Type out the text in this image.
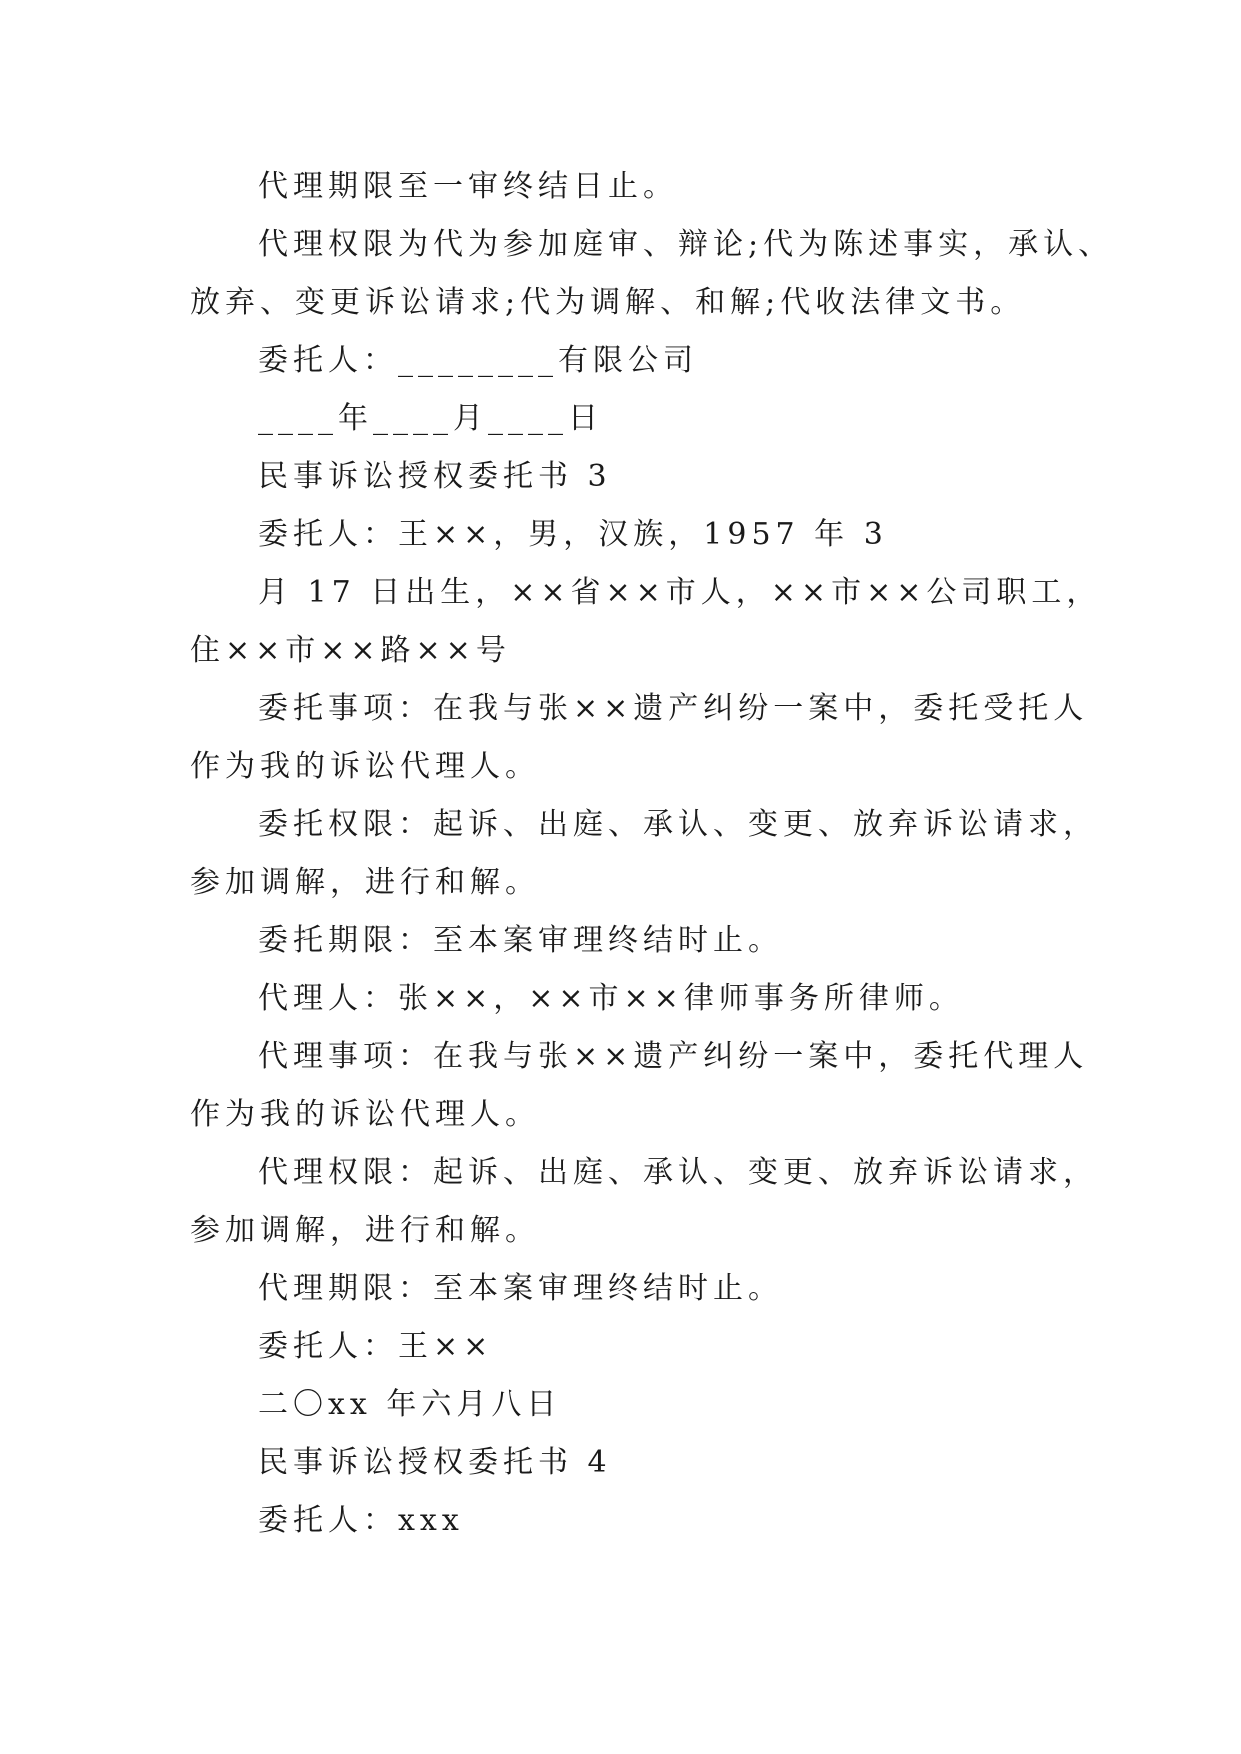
代理期限至一审终结日止。
代理权限为代为参加庭审、辩论;代为陈述事实，承认、
放弃、变更诉讼请求;代为调解、和解;代收法律文书。
委托人：________有限公司
____年____月____日
民事诉讼授权委托书 3
委托人：王××，男，汉族，1957 年 3
月 17 日出生，××省××市人，××市××公司职工，
住××市××路××号
委托事项：在我与张××遗产纠纷一案中，委托受托人
作为我的诉讼代理人。
委托权限：起诉、出庭、承认、变更、放弃诉讼请求，
参加调解，进行和解。
委托期限：至本案审理终结时止。
代理人：张××，××市××律师事务所律师。
代理事项：在我与张××遗产纠纷一案中，委托代理人
作为我的诉讼代理人。
代理权限：起诉、出庭、承认、变更、放弃诉讼请求，
参加调解，进行和解。
代理期限：至本案审理终结时止。
委托人：王××
二〇xx 年六月八日
民事诉讼授权委托书 4
委托人：xxx
